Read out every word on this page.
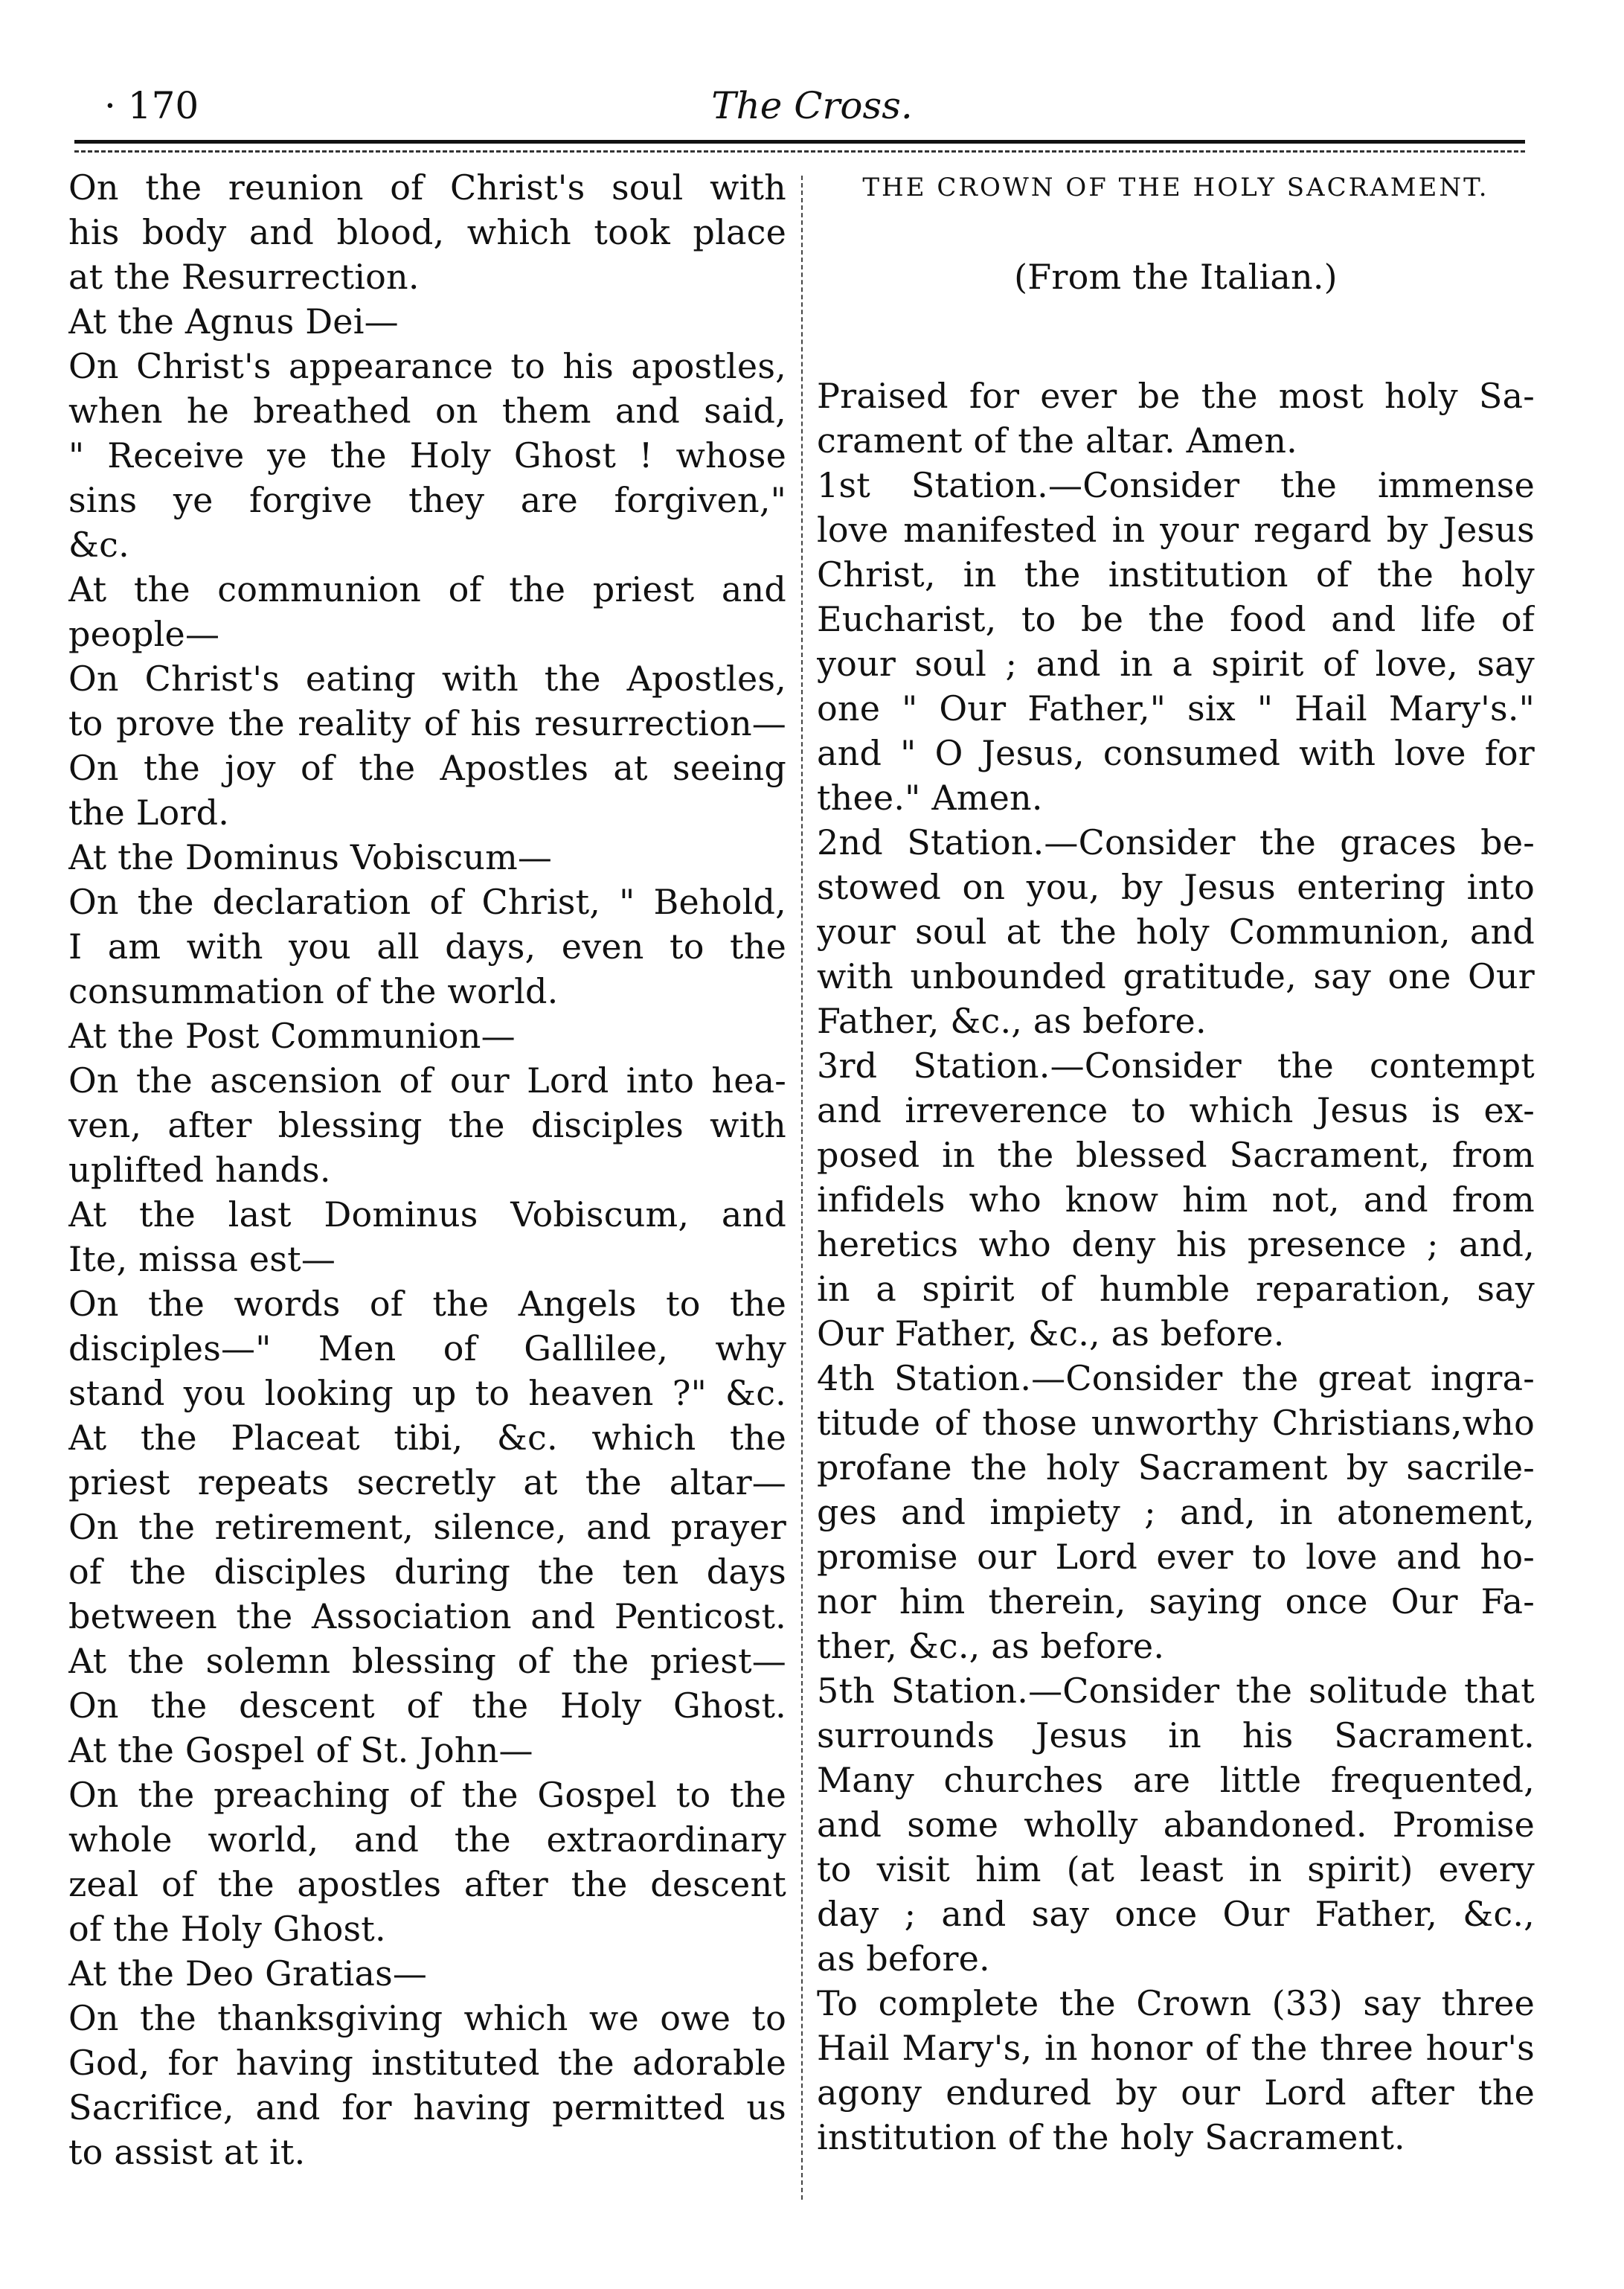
· 170	The Cross.
On the reunion of Christ's soul with
his body and blood, which took place
at the Resurrection.
At the Agnus Dei—
On Christ's appearance to his apostles,
when he breathed on them and said,
" Receive ye the Holy Ghost ! whose
sins ye forgive they are forgiven,"
&c.
At the communion of the priest and
people—
On Christ's eating with the Apostles,
to prove the reality of his resurrection—
On the joy of the Apostles at seeing
the Lord.
At the Dominus Vobiscum—
On the declaration of Christ, " Behold,
I am with you all days, even to the
consummation of the world.
At the Post Communion—
On the ascension of our Lord into hea-
ven, after blessing the disciples with
uplifted hands.
At the last Dominus Vobiscum, and
Ite, missa est—
On the words of the Angels to the
disciples—" Men of Gallilee, why
stand you looking up to heaven ?" &c.
At the Placeat tibi, &c. which the
priest repeats secretly at the altar—
On the retirement, silence, and prayer
of the disciples during the ten days
between the Association and Penticost.
At the solemn blessing of the priest—
On the descent of the Holy Ghost.
At the Gospel of St. John—
On the preaching of the Gospel to the
whole world, and the extraordinary
zeal of the apostles after the descent
of the Holy Ghost.
At the Deo Gratias—
On the thanksgiving which we owe to
God, for having instituted the adorable
Sacrifice, and for having permitted us
to assist at it.
THE CROWN OF THE HOLY SACRAMENT.
(From the Italian.)
Praised for ever be the most holy Sa-
crament of the altar. Amen.
1st Station.—Consider the immense
love manifested in your regard by Jesus
Christ, in the institution of the holy
Eucharist, to be the food and life of
your soul ; and in a spirit of love, say
one " Our Father," six " Hail Mary's."
and " O Jesus, consumed with love for
thee." Amen.
2nd Station.—Consider the graces be-
stowed on you, by Jesus entering into
your soul at the holy Communion, and
with unbounded gratitude, say one Our
Father, &c., as before.
3rd Station.—Consider the contempt
and irreverence to which Jesus is ex-
posed in the blessed Sacrament, from
infidels who know him not, and from
heretics who deny his presence ; and,
in a spirit of humble reparation, say
Our Father, &c., as before.
4th Station.—Consider the great ingra-
titude of those unworthy Christians,who
profane the holy Sacrament by sacrile-
ges and impiety ; and, in atonement,
promise our Lord ever to love and ho-
nor him therein, saying once Our Fa-
ther, &c., as before.
5th Station.—Consider the solitude that
surrounds Jesus in his Sacrament.
Many churches are little frequented,
and some wholly abandoned. Promise
to visit him (at least in spirit) every
day ; and say once Our Father, &c.,
as before.
To complete the Crown (33) say three
Hail Mary's, in honor of the three hour's
agony endured by our Lord after the
institution of the holy Sacrament.
